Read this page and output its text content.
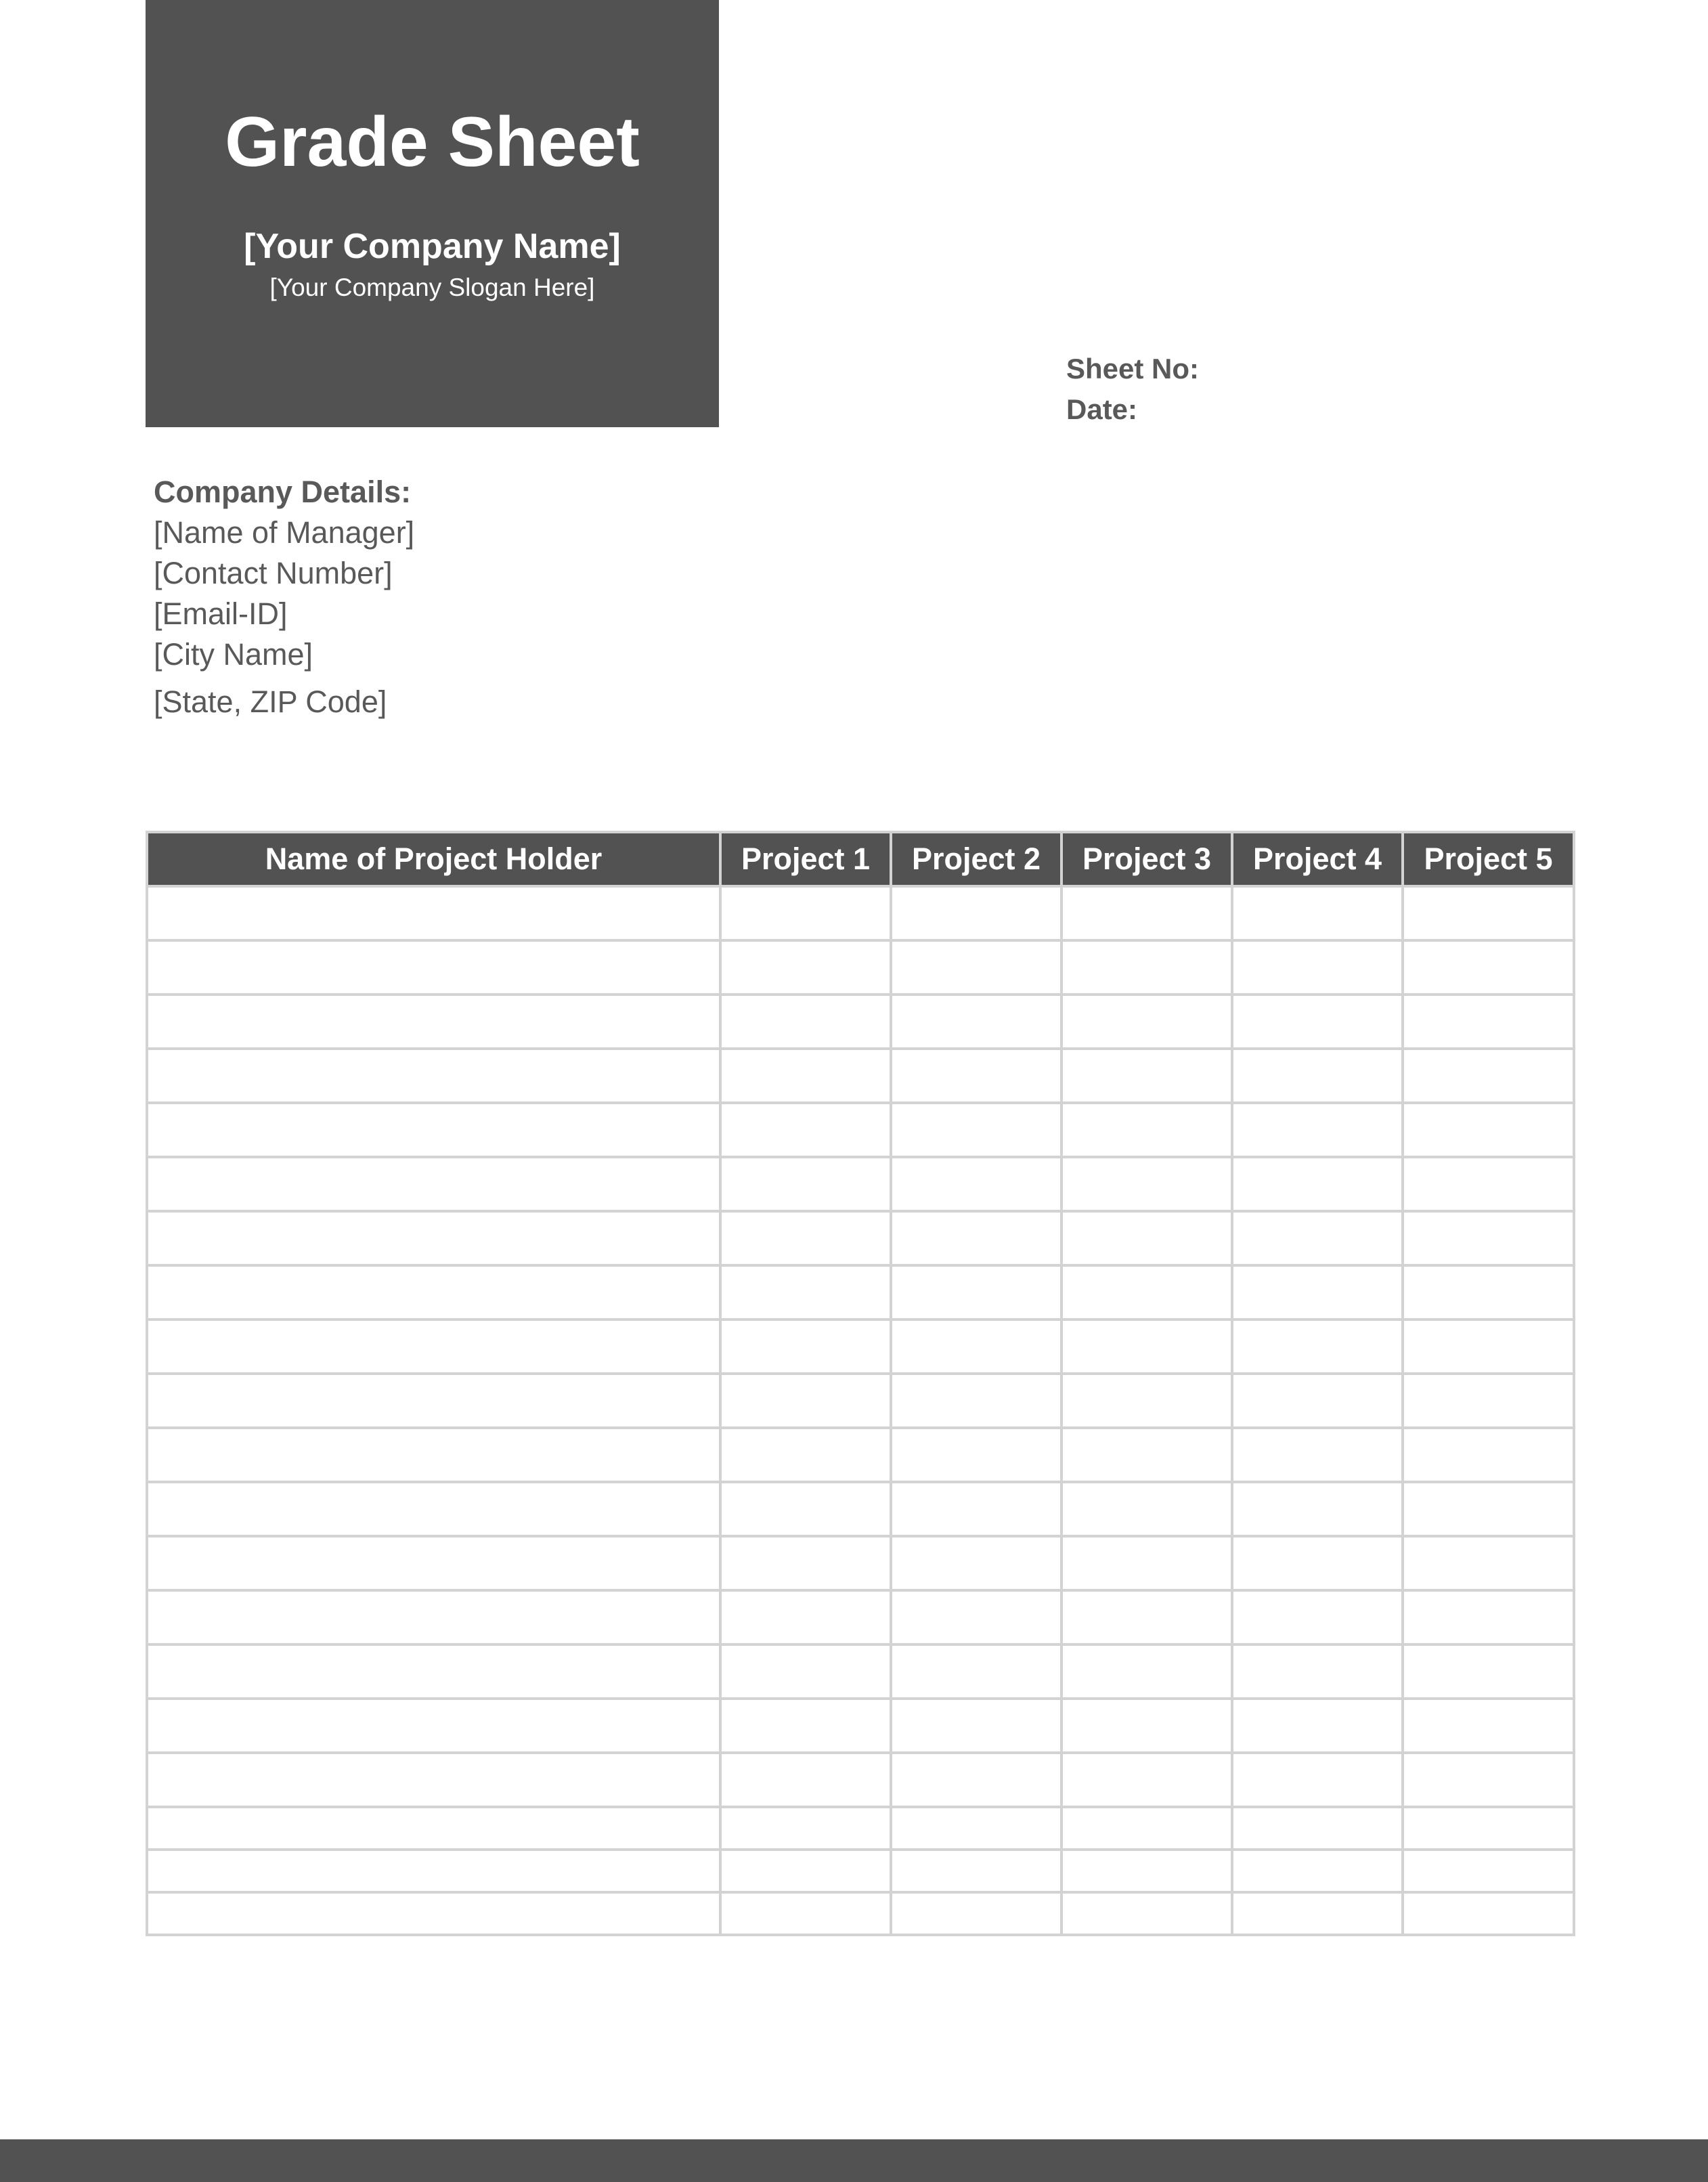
Grade Sheet
[Your Company Name]
[Your Company Slogan Here]
Sheet No:
Date:
Company Details:
[Name of Manager]
[Contact Number]
[Email-ID]
[City Name]
[State, ZIP Code]
Name of Project Holder	Project 1	Project 2	Project 3	Project 4	Project 5
